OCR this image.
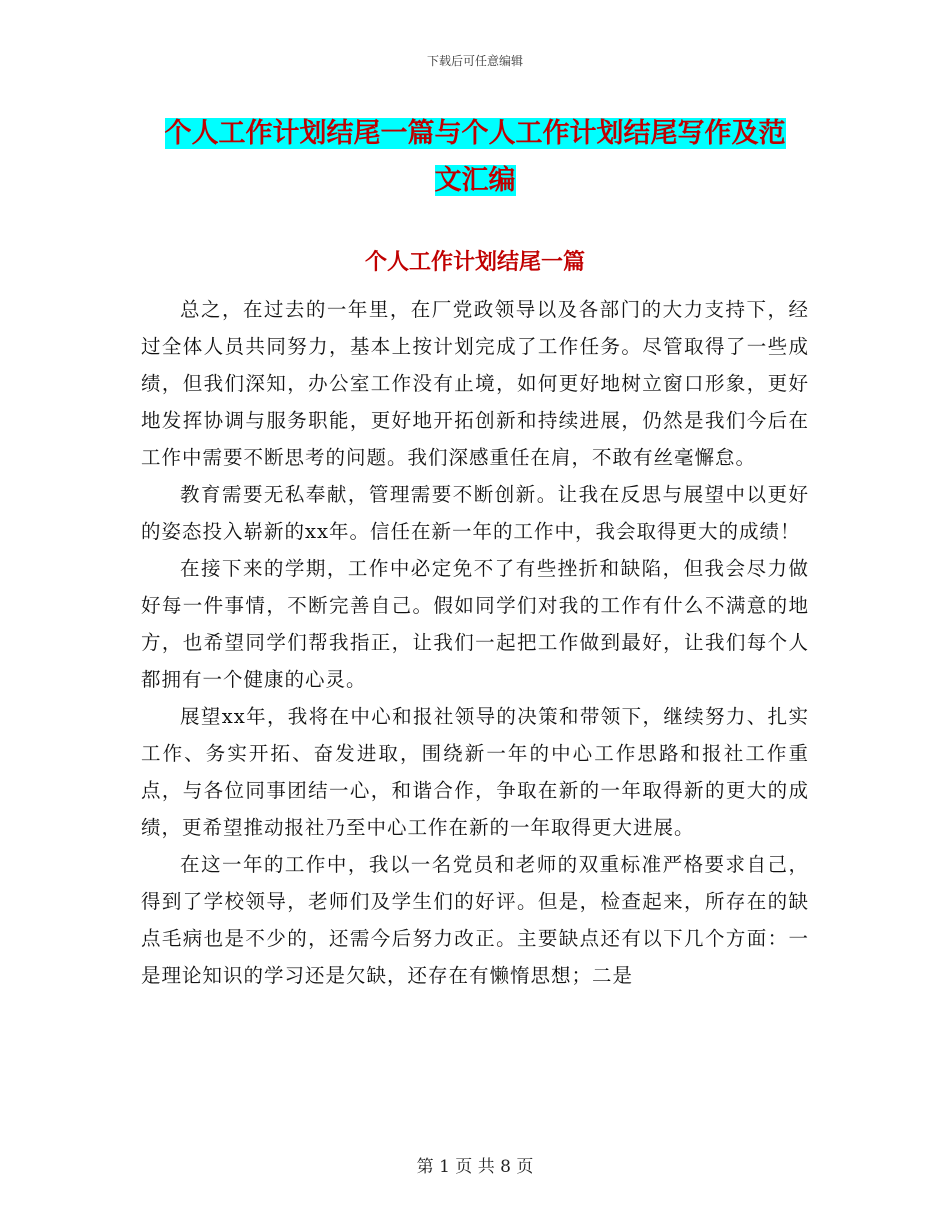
下载后可任意编辑
个人工作计划结尾一篇与个人工作计划结尾写作及范
文汇编
个人工作计划结尾一篇

总之，在过去的一年里，在厂党政领导以及各部门的大力支持下，经过全体人员共同努力，基本上按计划完成了工作任务。尽管取得了一些成绩，但我们深知，办公室工作没有止境，如何更好地树立窗口形象，更好地发挥协调与服务职能，更好地开拓创新和持续进展，仍然是我们今后在工作中需要不断思考的问题。我们深感重任在肩，不敢有丝毫懈怠。

教育需要无私奉献，管理需要不断创新。让我在反思与展望中以更好的姿态投入崭新的xx年。信任在新一年的工作中，我会取得更大的成绩！

在接下来的学期，工作中必定免不了有些挫折和缺陷，但我会尽力做好每一件事情，不断完善自己。假如同学们对我的工作有什么不满意的地方，也希望同学们帮我指正，让我们一起把工作做到最好，让我们每个人都拥有一个健康的心灵。

展望xx年，我将在中心和报社领导的决策和带领下，继续努力、扎实工作、务实开拓、奋发进取，围绕新一年的中心工作思路和报社工作重点，与各位同事团结一心，和谐合作，争取在新的一年取得新的更大的成绩，更希望推动报社乃至中心工作在新的一年取得更大进展。

在这一年的工作中，我以一名党员和老师的双重标准严格要求自己，得到了学校领导，老师们及学生们的好评。但是，检查起来，所存在的缺点毛病也是不少的，还需今后努力改正。主要缺点还有以下几个方面：一是理论知识的学习还是欠缺，还存在有懒惰思想；二是

第 1 页 共 8 页
